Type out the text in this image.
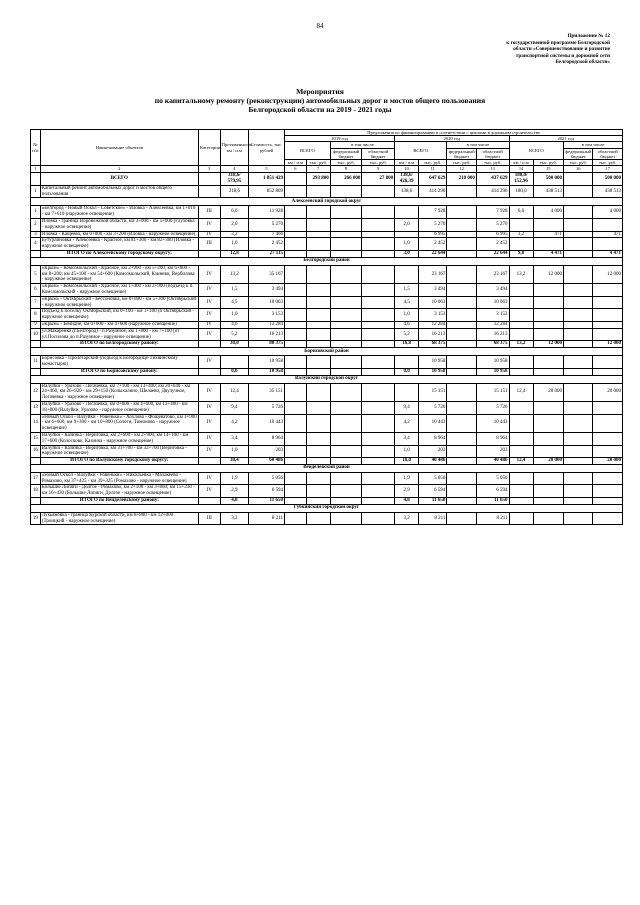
84
Приложение № 12
к государственной программе Белгородской
области «Совершенствование и развитие
транспортной системы и дорожной сети
Белгородской области»
Мероприятия
по капитальному ремонту (реконструкции) автомобильных дорог и мостов общего пользования
Белгородской области на 2019 - 2021 годы
№ п/п	Наименование объектов	Категория	Протяженность, км / п.м	Стоимость, тыс. рублей	Предложения по финансированию в соответствии с циклами в дорожном строительстве											
					2019 год				2020 год				2021 год			
					ВСЕГО		в том числе		ВСЕГО		в том числе		ВСЕГО		в том числе	
							федеральный бюджет	областной бюджет			федеральный бюджет	областной бюджет			федеральный бюджет	областной бюджет
					км / п.м	тыс. руб.	тыс. руб.	тыс. руб.	км / п.м	тыс. руб.	тыс. руб.	тыс. руб.	км / п.м	тыс. руб.	тыс. руб.	тыс. руб.
1	2	3	4	5	6	7	8	9	10	11	12	13	14	15	16	17
	ВСЕГО		318,6/ 579,95	1 851 429		293 800	266 000	27 800	138,6/ 426,39	647 629	210 000	437 629	180,0/ 152,96	500 000		500 000
1	Капитальный ремонт автомобильных дорог и мостов общего пользования		318,6	852 809					138,6	414 296		414 296	180,0	438 513		438 513
Алексеевский городской округ																
1	«Белгород - Новый Оскол - Советское» - Иловка - Алексеевка, км 1+010 - км 7+610 (наружное освещение)	III	6,6	11 928						7 928		7 928	6,6	4 000		4 000
2	Иловка - граница Воронежской области, км 3+000 - км 5+000 (Глуховка - наружное освещение)	IV	2,0	5 270					2,0	5 270		5 270				
3	Иловка - Кащеево, км 0+000 - км 3+200 (Иловка - наружное освещение)	IV	3,2	7 466						6 995		6 995	3,2	471		471
4	Бутурлиновка - Алексеевка - Красное, км 81+300 - км 82+300 (Иловка - наружное освещение)	III	1,0	2 452					1,0	2 452		2 452				
	ИТОГО по Алексеевскому городскому округу:		12,8	27 115					3,0	22 644		22 644	9,8	4 471		4 471
Белгородский район																
5	«Крым» - Комсомольский - Красное, км 2+900 - км 5+200; км 6+800 - км 8+200; км 45+100 - км 54+600 (Комсомольский, Кзинево, Вербилова - наружное освещение)	IV	13,2	35 167						23 167		23 167	13,2	12 000		12 000
6	«Крым» - Комсомольский - Красное, км 1+400 - км 2+900 (подъезд к п. Комсомольский - наружное освещение)	IV	1,5	3 494					1,5	3 494		3 494				
7	«Крым» - Октябрьский - Бессоновка, км 0+800 - км 5+300 (Октябрьский - наружное освещение)	IV	4,5	10 063					4,5	10 063		10 063				
8	Подъезд к поселку Октябрьский, км 0+100 - км 1+100 (п Октябрьский - наружное освещение)	IV	1,0	3 153					1,0	3 153		3 153				
9	«Крым» - Бенидие, км 0+000 - км 4+600 (наружное освещение)	IV	4,6	12 284					4,6	12 284		12 284				
10	ул.Макаренко (г.Белгород) - п.Разумное, км 1+800 - км 7+100 (от ул.Посилова до п.Разумное - наружное освещение)	IV	5,2	16 213					5,2	16 213		16 213				
	ИТОГО по Белгородскому району:		30,0	80 375					16,8	68 375		68 375	13,2	12 000		12 000
Борисовский район																
11	Борисовка - Пролетарский (подъезд к Богородице-Тихвинскому монастырю)	IV		10 958						10 958		10 958				
	ИТОГО по Борисовскому району:		0,0	10 958					0,0	10 958		10 958				
Валуйский городской округ																
12	Валуйки - Уразово - Логачевка, км 7+100 - км 13+400; км 20+640 - км 24+460, км 26+920 - км 29+150 (Колыхалино, Шелаево, Двулучное, Логачевка - наружное освещение)	IV	12,4	35 151						15 151		15 151	12,4	20 000		20 000
13	Валуйки - Уразово - Логачевка, км 0+600 - км 4+600, км 13+400 - км 18+800 (Валуйки, Уразово - наружное освещение)	IV	9,4	5 726					9,4	5 726		5 726				
14	«Новый Оскол - Валуйки - Ровеньки» - Хохлово - Фощеватово, км 3+900 - км 6+600, км 9+300 - км 10+800 (Сологи, Тимоново - наружное освещение)	IV	4,2	10 443					4,2	10 443		10 443				
15	Валуйки - Казинка - Вериговка, км 2+600 - км 2+900, км 14+100 - км 17+600 (Колосково, Казинка - наружное освещение)	IV	3,4	8 964					3,4	8 964		8 964				
16	Валуйки - Казинка - Вериговка, км 31+700 - км 32+700 (Вериговка - наружное освещение)	IV	1,0	203					1,0	203		203				
	ИТОГО по Валуйскому городскому округу:		30,4	60 486					18,0	40 486		40 486	12,4	20 000		20 000
Вейделевский район																
17	«Новый Оскол - Валуйки - Ровеньки» - Никольевка - Малакеево - Ромахово, км 37+425 - км 39+325 (Ромахово - наружное освещение)	IV	1,9	5 056					1,9	5 056		5 056				
18	Большие Липяги - Долгое - Ромахово, км 2+100 - км 3+860; км 15+230 - км 16+430 (Большие Липяги, Долгое - наружное освещение)	IV	2,9	6 594					2,9	6 594		6 594				
	ИТОГО по Вейделевскому району:		4,8	11 650					4,8	11 650		11 650				
Губкинский городской округ																
19	Лукьяновка - граница Курской области, км 8+800 - км 12+000 (Троицкий - наружное освещение)	III	3,2	8 211					3,2	8 211		8 211				
